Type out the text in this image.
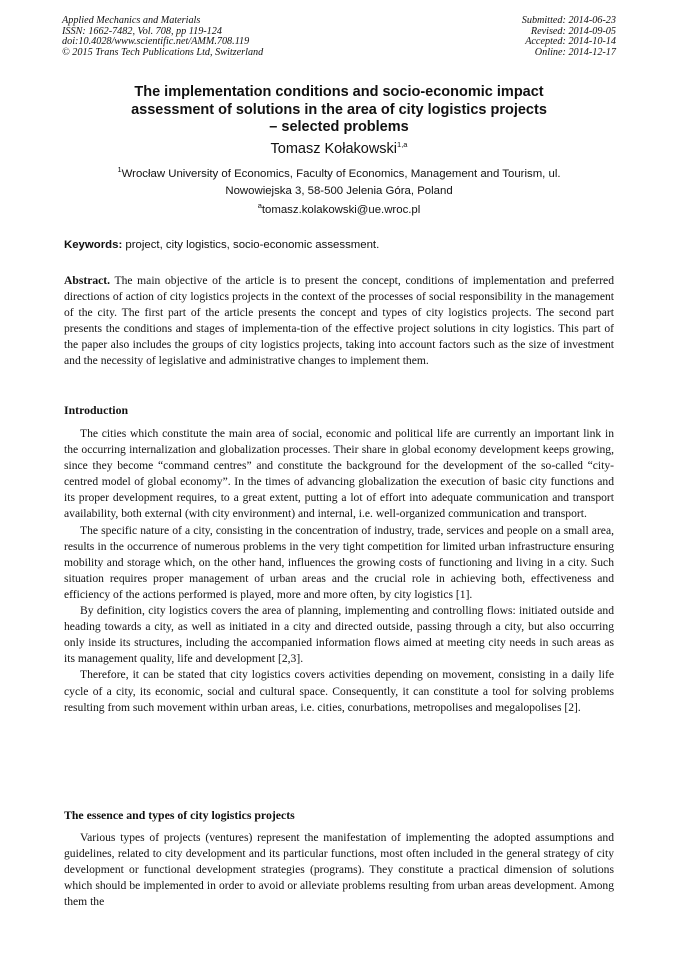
Applied Mechanics and Materials
ISSN: 1662-7482, Vol. 708, pp 119-124
doi:10.4028/www.scientific.net/AMM.708.119
© 2015 Trans Tech Publications Ltd, Switzerland
Submitted: 2014-06-23
Revised: 2014-09-05
Accepted: 2014-10-14
Online: 2014-12-17
The implementation conditions and socio-economic impact
assessment of solutions in the area of city logistics projects
– selected problems
Tomasz Kołakowski$^{1,a}$
$^1$Wrocław University of Economics, Faculty of Economics, Management and Tourism, ul.
Nowowiejska 3, 58-500 Jelenia Góra, Poland
$^a$tomasz.kolakowski@ue.wroc.pl
Keywords: project, city logistics, socio-economic assessment.

Abstract. The main objective of the article is to present the concept, conditions of implementation and preferred directions of action of city logistics projects in the context of the processes of social responsibility in the management of the city. The first part of the article presents the concept and types of city logistics projects. The second part presents the conditions and stages of implementa-tion of the effective project solutions in city logistics. This part of the paper also includes the groups of city logistics projects, taking into account factors such as the size of investment and the necessity of legislative and administrative changes to implement them.

Introduction

The cities which constitute the main area of social, economic and political life are currently an important link in the occurring internalization and globalization processes. Their share in global economy development keeps growing, since they become “command centres” and constitute the background for the development of the so-called “city-centred model of global economy”. In the times of advancing globalization the execution of basic city functions and its proper development requires, to a great extent, putting a lot of effort into adequate communication and transport availability, both external (with city environment) and internal, i.e. well-organized communication and transport.

The specific nature of a city, consisting in the concentration of industry, trade, services and people on a small area, results in the occurrence of numerous problems in the very tight competition for limited urban infrastructure ensuring mobility and storage which, on the other hand, influences the growing costs of functioning and living in a city. Such situation requires proper management of urban areas and the crucial role in achieving both, effectiveness and efficiency of the actions performed is played, more and more often, by city logistics [1].

By definition, city logistics covers the area of planning, implementing and controlling flows: initiated outside and heading towards a city, as well as initiated in a city and directed outside, passing through a city, but also occurring only inside its structures, including the accompanied information flows aimed at meeting city needs in such areas as its management quality, life and development [2,3].

Therefore, it can be stated that city logistics covers activities depending on movement, consisting in a daily life cycle of a city, its economic, social and cultural space. Consequently, it can constitute a tool for solving problems resulting from such movement within urban areas, i.e. cities, conurbations, metropolises and megalopolises [2].

The essence and types of city logistics projects

Various types of projects (ventures) represent the manifestation of implementing the adopted assumptions and guidelines, related to city development and its particular functions, most often included in the general strategy of city development or functional development strategies (programs). They constitute a practical dimension of solutions which should be implemented in order to avoid or alleviate problems resulting from urban areas development. Among them the
